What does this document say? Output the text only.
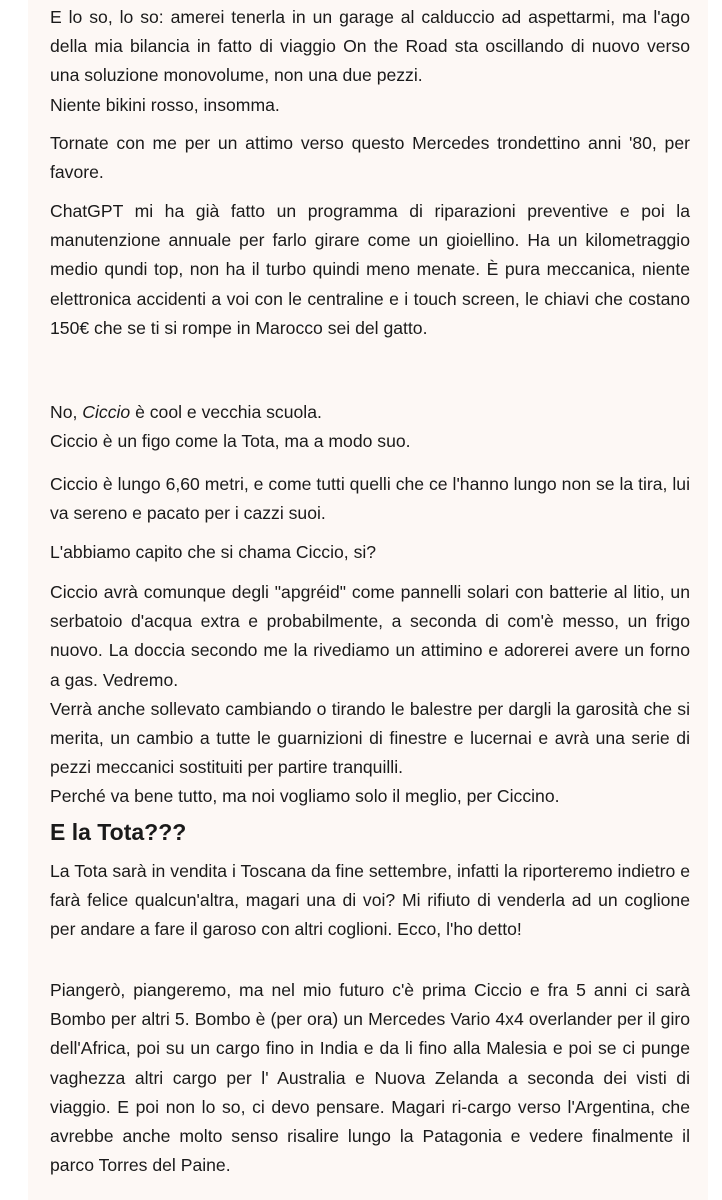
E lo so, lo so: amerei tenerla in un garage al calduccio ad aspettarmi, ma l'ago della mia bilancia in fatto di viaggio On the Road sta oscillando di nuovo verso una soluzione monovolume, non una due pezzi.
Niente bikini rosso, insomma.

Tornate con me per un attimo verso questo Mercedes trondettino anni '80, per favore.

ChatGPT mi ha già fatto un programma di riparazioni preventive e poi la manutenzione annuale per farlo girare come un gioiellino. Ha un kilometraggio medio qundi top, non ha il turbo quindi meno menate. È pura meccanica, niente elettronica accidenti a voi con le centraline e i touch screen, le chiavi che costano 150€ che se ti si rompe in Marocco sei del gatto.

No, Ciccio è cool e vecchia scuola.
Ciccio è un figo come la Tota, ma a modo suo.

Ciccio è lungo 6,60 metri, e come tutti quelli che ce l'hanno lungo non se la tira, lui va sereno e pacato per i cazzi suoi.

L'abbiamo capito che si chama Ciccio, si?

Ciccio avrà comunque degli "apgréid" come pannelli solari con batterie al litio, un serbatoio d'acqua extra e probabilmente, a seconda di com'è messo, un frigo nuovo. La doccia secondo me la rivediamo un attimino e adorerei avere un forno a gas. Vedremo.
Verrà anche sollevato cambiando o tirando le balestre per dargli la garosità che si merita, un cambio a tutte le guarnizioni di finestre e lucernai e avrà una serie di pezzi meccanici sostituiti per partire tranquilli.
Perché va bene tutto, ma noi vogliamo solo il meglio, per Ciccino.
E la Tota???

La Tota sarà in vendita i Toscana da fine settembre, infatti la riporteremo indietro e farà felice qualcun'altra, magari una di voi? Mi rifiuto di venderla ad un coglione per andare a fare il garoso con altri coglioni. Ecco, l'ho detto!

Piangerò, piangeremo, ma nel mio futuro c'è prima Ciccio e fra 5 anni ci sarà Bombo per altri 5. Bombo è (per ora) un Mercedes Vario 4x4 overlander per il giro dell'Africa, poi su un cargo fino in India e da li fino alla Malesia e poi se ci punge vaghezza altri cargo per l' Australia e Nuova Zelanda a seconda dei visti di viaggio. E poi non lo so, ci devo pensare. Magari ri-cargo verso l'Argentina, che avrebbe anche molto senso risalire lungo la Patagonia e vedere finalmente il parco Torres del Paine.
